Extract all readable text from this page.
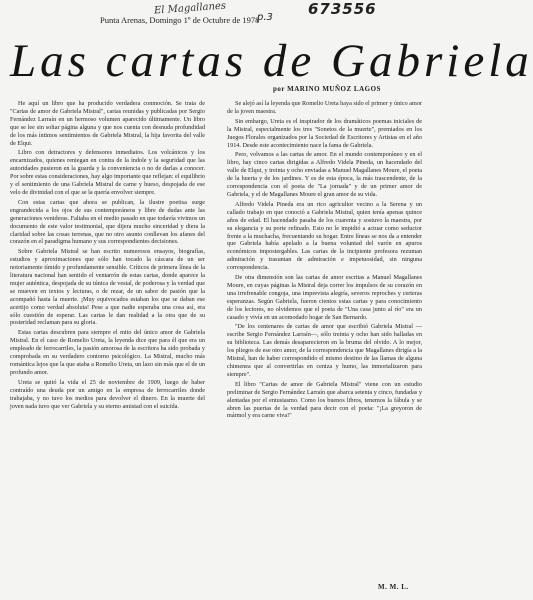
El Magallanes	673556
p.3
Punta Arenas, Domingo 1º de Octubre de 1978
Las cartas de Gabriela
por MARINO MUÑOZ LAGOS

He aquí un libro que ha producido verdadera conmoción. Se trata de "Cartas de amor de Gabriela Mistral", cartas reunidas y publicadas por Sergio Fernández Larraín en un hermoso volumen aparecido últimamente. Un libro que se lee sin soltar página alguna y que nos cuenta con desnuda profundidad de los más íntimos sentimientos de Gabriela Mistral, la hija favorita del valle de Elqui.

Libro con detractores y defensores inmediatos. Los volcánicos y los encarnizados, quienes reniegan en contra de la índole y la seguridad que las autoridades pusieron en la guarda y la conveniencia o no de darlas a conocer. Por sobre estas consideraciones, hay algo importante que reflejan: el equilibrio y el sentimiento de una Gabriela Mistral de carne y hueso, despojada de ese velo de divinidad con el que se la quería envolver siempre.

Con estas cartas que ahora se publican, la ilustre poetisa surge engrandecida a los ojos de sus contemporáneos y libre de dudas ante las generaciones venideras. Faltaba en el medio pasado en que todavía vivimos un documento de este valor testimonial, que dijera mucho sinceridad y diera la claridad sobre las cosas terrenas, que no otro asunto conllevan los afanes del corazón en el paradigma humano y sus correspondientes decisiones.

Sobre Gabriela Mistral se han escrito numerosos ensayos, biografías, estudios y aproximaciones que sólo han tocado la cáscara de un ser notoriamente tímido y profundamente sensible. Críticos de primera línea de la literatura nacional han sentido el ventarrón de estas cartas, donde aparece la mujer auténtica, despojada de su túnica de vestal, de poderosa y la verdad que se mueven en textos y lecturas, o de rezar, de un sabor de pasión que la acompañó hasta la muerte. ¡Muy equivocados estaban los que se daban ese acertijo como verdad absoluta! Pese a que nadie esperaba una cosa así, era sólo cuestión de esperar. Las cartas le dan realidad a la otra que de su posteridad reclaman para su gloria.

Estas cartas descubren para siempre el mito del único amor de Gabriela Mistral. En el caso de Romelio Ureta, la leyenda dice que para él que era un empleado de ferrocarriles, la pasión amorosa de la escritora ha sido probada y comprobada en su verdadero contorno psicológico. La Mistral, mucho más romántica lejos que la que ataba a Romelio Ureta, un lazo sin más que el de un profundo amor.

Ureta se quitó la vida el 25 de noviembre de 1909, luego de haber contraído una deuda por un amigo en la empresa de ferrocarriles donde trabajaba, y no tuvo los medios para devolver el dinero. En la muerte del joven nada tuvo que ver Gabriela y su eterno amistad con el suicida.

Se alejó así la leyenda que Romelio Ureta haya sido el primer y único amor de la joven maestra.

Sin embargo, Ureta es el inspirador de los dramáticos poemas iniciales de la Mistral, especialmente los tres "Sonetos de la muerte", premiados en los Juegos Florales organizados por la Sociedad de Escritores y Artistas en el año 1914. Desde este acontecimiento nace la fama de Gabriela.

Pero, volvamos a las cartas de amor. En el mundo contemporáneo y en el libro, hay cinco cartas dirigidas a Alfredo Videla Pineda, un hacendado del valle de Elqui, y treinta y ocho enviadas a Manuel Magallanes Moure, el poeta de la huerta y de los jardines. Y es de esta época, la más trascendente, de la correspondencia con el poeta de "La jornada" y de un primer amor de Gabriela, y el de Magallanes Moure el gran amor de su vida.

Alfredo Videla Pineda era un rico agricultor vecino a la Serena y un callado trabajo en que conoció a Gabriela Mistral, quien tenía apenas quince años de edad. El hacendado pasaba de los cuarenta y sostuvo la maestra, por su elegancia y su porte refinado. Esto no le impidió a actuar como seductor frente a la muchacha, frecuentando su hogar. Entre líneas se nos da a entender que Gabriela había apelado a la buena voluntad del varón en apuros económicos impostergables. Las cartas de la incipiente profesora rezuman admiración y trasuntan de admiración e impetuosidad, sin ninguna correspondencia.

De otra dimensión son las cartas de amor escritas a Manuel Magallanes Moure, en cuyas páginas la Mistral deja correr los impulsos de su corazón en una irrefrenable congoja, una imprevista alegría, severos reproches y certeras esperanzas. Según Gabriela, fueron cientos estas cartas y para conocimiento de los lectores, no olvidemos que el poeta de "Una casa junto al río" era un casado y vivía en un acomodado hogar de San Bernardo.

"De los centenares de cartas de amor que escribió Gabriela Mistral —escribe Sergio Fernández Larraín—, sólo treinta y ocho han sido halladas en su biblioteca. Las demás desaparecieron en la bruma del olvido. A lo mejor, los pliegos de ese otro amor, de la correspondencia que Magallanes dirigía a la Mistral, han de haber correspondido el mismo destino de las llamas de alguna chimenea que al convertirlas en ceniza y humo, las inmortalizaron para siempre".

El libro "Cartas de amor de Gabriela Mistral" viene con un estudio preliminar de Sergio Fernández Larraín que abarca setenta y cinco, fundadas y alentadas por el entusiasmo. Como los buenos libros, tenemos la fábula y se abren las puertas de la verdad para decir con el poeta: "¡La greyoron de mármol y era carne viva!"

M. M. L.
